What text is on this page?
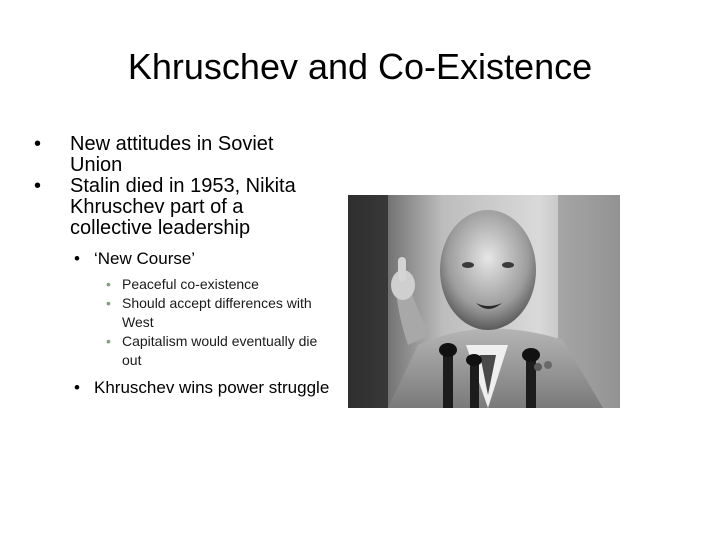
Khruschev and Co-Existence
• New attitudes in Soviet Union
• Stalin died in 1953, Nikita Khruschev part of a collective leadership
• ‘New Course’
• Peaceful co-existence
• Should accept differences with West
• Capitalism would eventually die out
• Khruschev wins power struggle
